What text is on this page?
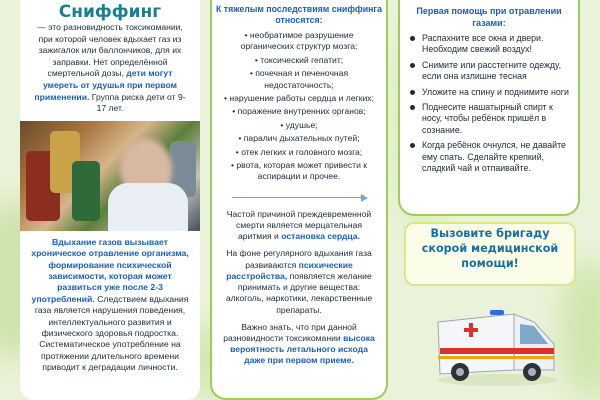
Сниффинг

— это разновидность токсикомании, при которой человек вдыхает газ из зажигалок или баллончиков, для их заправки. Нет определённой смертельной дозы, дети могут умереть от удушья при первом применении. Группа риска дети от 9-17 лет.

Вдыхание газов вызывает хроническое отравление организма, формирование психической зависимости, которая может развиться уже после 2-3 употреблений. Следствием вдыхания газа является нарушения поведения, интеллектуального развития и физического здоровья подростка. Систематическое употребление на протяжении длительного времени приводит к деградации личности.

К тяжелым последствиям сниффинга относятся:

• необратимое разрушение органических структур мозга;
• токсический гепатит;
• почечная и печеночная недостаточность;
• нарушение работы сердца и легких;
• поражение внутренних органов;
• удушье;
• паралич дыхательных путей;
• отек легких и головного мозга;
• рвота, которая может привести к аспирации и прочее.

Частой причиной преждевременной смерти является мерцательная аритмия и остановка сердца.

На фоне регулярного вдыхания газа развиваются психические расстройства, появляется желание принимать и другие вещества: алкоголь, наркотики, лекарственные препараты.

Важно знать, что при данной разновидности токсикомании высока вероятность летального исхода даже при первом приеме.

Первая помощь при отравлении газами:

Распахните все окна и двери. Необходим свежий воздух!
Снимите или расстегните одежду, если она излишне тесная
Уложите на спину и поднимите ноги
Поднесите нашатырный спирт к носу, чтобы ребёнок пришёл в сознание.
Когда ребёнок очнулся, не давайте ему спать. Сделайте крепкий, сладкий чай и отпаивайте.
Вызовите бригаду скорой медицинской помощи!
